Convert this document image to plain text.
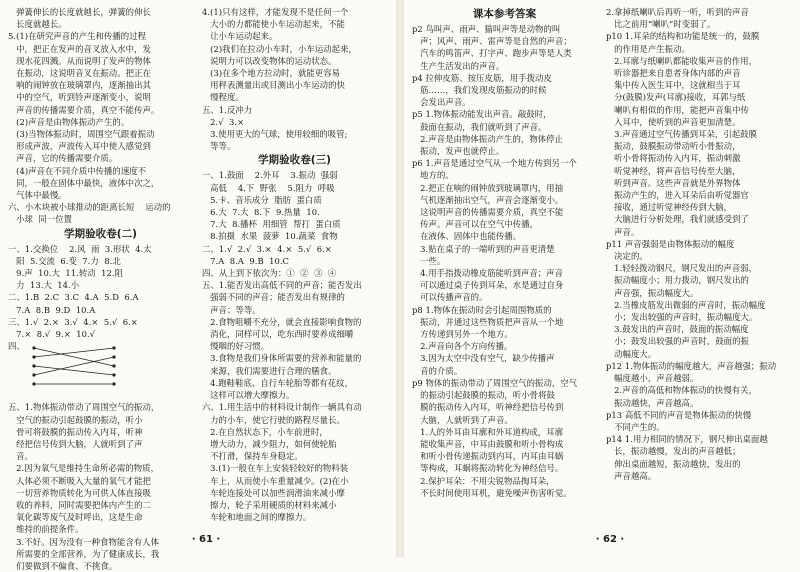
弹簧伸长的长度就越长，弹簧的伸长
长度就越长。
5.(1)在研究声音的产生和传播的过程
中，把正在发声的音叉放入水中，发
现水花四溅。从而说明了发声的物体
在振动，这说明音叉在振动。把正在
响的闹钟放在玻璃罩内，逐渐抽出其
中的空气，听到铃声逐渐变小，说明
声音的传播需要介质，真空不能传声。
(2)声音是由物体振动产生的。
(3)当物体振动时，周围空气跟着振动
形成声波，声波传入耳中使人感觉到
声音，它的传播需要介质。
(4)声音在不同介质中传播的速度不
同，一般在固体中最快，液体中次之，
气体中最慢。
六、小木块被小球推动的距离长短    运动的
小球  同一位置
学期验收卷(二)
一、1.交换位    2.风  雨  3.形状  4.太
阳  5.交流  6.变  7.力  8.北
9.声  10.大  11.转动  12.阻
力  13.大  14.小
二、1.B  2.C  3.C  4.A  5.D  6.A
7.A  8.B  9.D  10.A
三、1.√  2.×  3.√  4.×  5.√  6.×
7.×  8.√  9.×  10.√
四、

五、1.物体振动带动了周围空气的振动，
空气的振动引起鼓膜的振动，听小
骨可将鼓膜的振动传入内耳，听神
经把信号传到大脑，人就听到了声
音。
2.因为氧气是维持生命所必需的物质，
人体必须不断吸入大量的氧气才能把
一切营养物质转化为可供人体直接吸
收的养料，同时需要把体内产生的二
氧化碳等废气及时呼出，这是生命
维持的前提条件。
3.不好。因为没有一种食物能含有人体
所需要的全部营养，为了健康成长，我
们要做到不偏食、不挑食。
4.(1)只有这样，才能发现不是任何一个
大小的力都能使小车运动起来，不能
让小车运动起来。
(2)我们在拉动小车时，小车运动起来，
说明力可以改变物体的运动状态。
(3)在多个地方拉动时，就能更容易
用秤表测量出或目测出小车运动的快
慢程度。
五、1.反冲力
2.√  3.×
3.使用更大的气球，使用较细的吸管;
等等。
学期验收卷(三)
一、1.鼓面    2.外耳    3.振动  强弱
高低    4.下  野张    5.阻力  呼吸
5.卡、音乐成分  脂肪  蛋白质
6.大  7.大  8.下  9.热量  10.
7.大  8.播杯  用细管  帮打  蛋白质
8.拍摄  水果  菠萝  10.蔬菜  食物
二、1.√  2.√  3.×  4.×  5.√  6.×
7.A  8.A  9.B  10.C
四、从上到下依次为：①  ②  ③  ④
五、1.能否发出高低不同的声音；能否发出
强弱不同的声音；能否发出有规律的
声音；等等。
2.食物咀嚼不充分，就会直接影响食物的
消化，同样可以，吃东西时要养成细嚼
慢咽的好习惯。
3.食物是我们身体所需要的营养和能量的
来源，我们需要进行合理的膳食。
4.跑鞋鞋底、自行车轮胎等都有花纹，
这样可以增大摩擦力。
六、1.用生活中的材料设计制作一辆具有动
力的小车，使它行驶的路程尽量长。
2.在自然状态下，小车前进时，
增大动力，减少阻力，如何使轮胎
不打滑，保持车身稳定。
3.(1)一般在车上安装轻较好的物料装
车上，从而使小车重量减少。(2)在小
车轮连接处可以加些润滑油来减小摩
擦力，轮子采用硬质的材料来减小
车轮和地面之间的摩擦力。
· 61 ·
课本参考答案
p2 鸟叫声、雨声、猫叫声等是动物的叫
声；风声、雨声、雷声等是自然的声音；
汽车的鸣笛声、打字声、跑步声等是人类
生产生活发出的声音。
p4 拉伸皮筋、按压皮筋，用手拨动皮
筋……，我们发现皮筋振动的时候
会发出声音。
p5 1.物体振动能发出声音。敲鼓时，
鼓面在振动，我们就听到了声音。
2.声音是由物体振动产生的，物体停止
振动，发声也就停止。
p6 1.声音是通过空气从一个地方传到另一个
地方的。
2.把正在响的闹钟放到玻璃罩内，用抽
气机逐渐抽出空气，声音会逐渐变小。
这说明声音的传播需要介质，真空不能
传声。声音可以在空气中传播，
在液体、固体中也能传播。
3.贴在桌子的一端听到的声音更清楚
一些。
4.用手指拨动橡皮筋能听到声音；声音
可以通过桌子传到耳朵，水是通过自身
可以传播声音的。
p8 1.物体在振动时会引起周围物质的
振动，并通过这些物质把声音从一个地
方传递到另外一个地方。
2.声音向各个方向传播。
3.因为太空中没有空气，缺少传播声
音的介质。
p9 物体的振动带动了周围空气的振动，空气
的振动引起鼓膜的振动，听小骨将鼓
膜的振动传入内耳，听神经把信号传到
大脑，人就听到了声音。
1.人的外耳由耳廓和外耳道构成，耳廓
能收集声音，中耳由鼓膜和听小骨构成
和听小骨传递振动到内耳，内耳由耳蜗
等构成，耳蜗将振动转化为神经信号。
2.保护耳朵：不用尖锐物品掏耳朵，
不长时间使用耳机，避免噪声伤害听觉。
2.拿掉纸喇叭后再听一听，听到的声音
比之前用“喇叭”时变弱了。
p10 1.耳朵的结构和功能是统一的，鼓膜
的作用是产生振动。
2.耳廓与纸喇叭都能收集声音的作用，
听诊器把来自患者身体内部的声音
集中传入医生耳中，这就相当于耳
分(鼓膜)发声(耳廓)接收，耳郭与纸
喇叭有相似的作用，能把声音集中传
入耳中，使听到的声音更加清楚。
3.声音通过空气传播到耳朵，引起鼓膜
振动，鼓膜振动带动听小骨振动，
听小骨将振动传入内耳，振动刺激
听觉神经，将声音信号传至大脑，
听到声音。这些声音就是外界物体
振动产生的，进入耳朵后由听觉器官
接收，通过听觉神经传到大脑，
大脑进行分析处理，我们就感受到了
声音。
p11 声音强弱是由物体振动的幅度
决定的。
1.轻轻拨动钢尺，钢尺发出的声音弱，
振动幅度小；用力拨动，钢尺发出的
声音强，振动幅度大。
2.当橡皮筋发出微弱的声音时，振动幅度
小；发出较强的声音时，振动幅度大。
3.鼓发出的声音时，鼓面的振动幅度
小；鼓发出较强的声音时，鼓面的振
动幅度大。
p12 1.物体振动的幅度越大，声音越强；振动
幅度越小，声音越弱。
2.声音的高低和物体振动的快慢有关，
振动越快，声音越高。
p13 高低不同的声音是物体振动的快慢
不同产生的。
p14 1.用力相同的情况下，钢尺伸出桌面越
长，振动越慢，发出的声音越低；
伸出桌面越短，振动越快，发出的
声音越高。
· 62 ·
